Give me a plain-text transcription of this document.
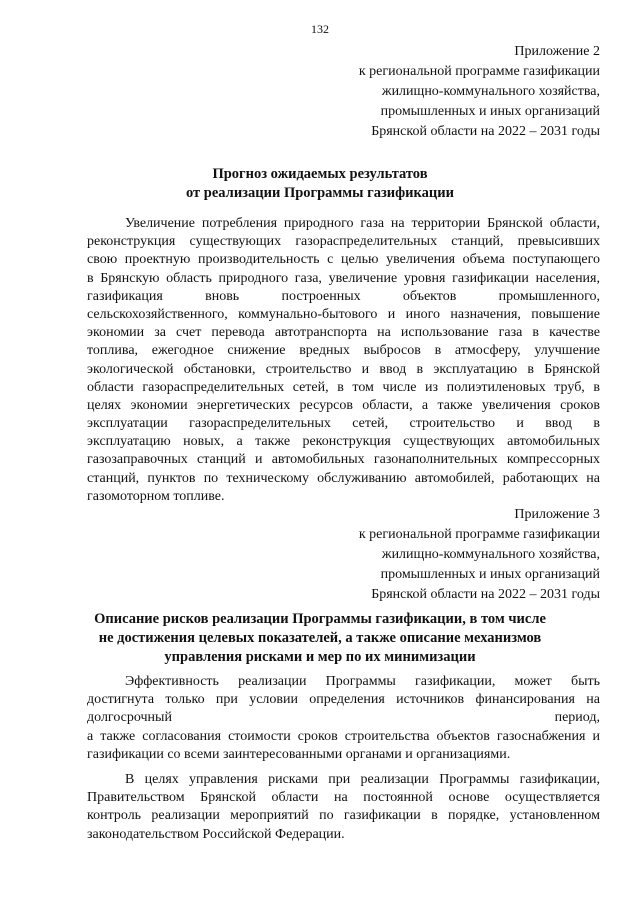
132
Приложение 2
к региональной программе газификации
жилищно-коммунального хозяйства,
промышленных и иных организаций
Брянской области на 2022 – 2031 годы
Прогноз ожидаемых результатов
от реализации Программы газификации
Увеличение потребления природного газа на территории Брянской области,
реконструкция существующих газораспределительных станций, превысивших
свою проектную производительность с целью увеличения объема поступающего
в Брянскую область природного газа, увеличение уровня газификации населения,
газификация вновь построенных объектов промышленного,
сельскохозяйственного, коммунально-бытового и иного назначения, повышение
экономии за счет перевода автотранспорта на использование газа в качестве
топлива, ежегодное снижение вредных выбросов в атмосферу, улучшение
экологической обстановки, строительство и ввод в эксплуатацию в Брянской
области газораспределительных сетей, в том числе из полиэтиленовых труб, в
целях экономии энергетических ресурсов области, а также увеличения сроков
эксплуатации газораспределительных сетей, строительство и ввод в
эксплуатацию новых, а также реконструкция существующих автомобильных
газозаправочных станций и автомобильных газонаполнительных компрессорных
станций, пунктов по техническому обслуживанию автомобилей, работающих на
газомоторном топливе.
Приложение 3
к региональной программе газификации
жилищно-коммунального хозяйства,
промышленных и иных организаций
Брянской области на 2022 – 2031 годы
Описание рисков реализации Программы газификации, в том числе
не достижения целевых показателей, а также описание механизмов
управления рисками и мер по их минимизации
Эффективность реализации Программы газификации, может быть
достигнута только при условии определения источников финансирования на
долгосрочный период,
а также согласования стоимости сроков строительства объектов газоснабжения и
газификации со всеми заинтересованными органами и организациями.
В целях управления рисками при реализации Программы газификации,
Правительством Брянской области на постоянной основе осуществляется
контроль реализации мероприятий по газификации в порядке, установленном
законодательством Российской Федерации.
